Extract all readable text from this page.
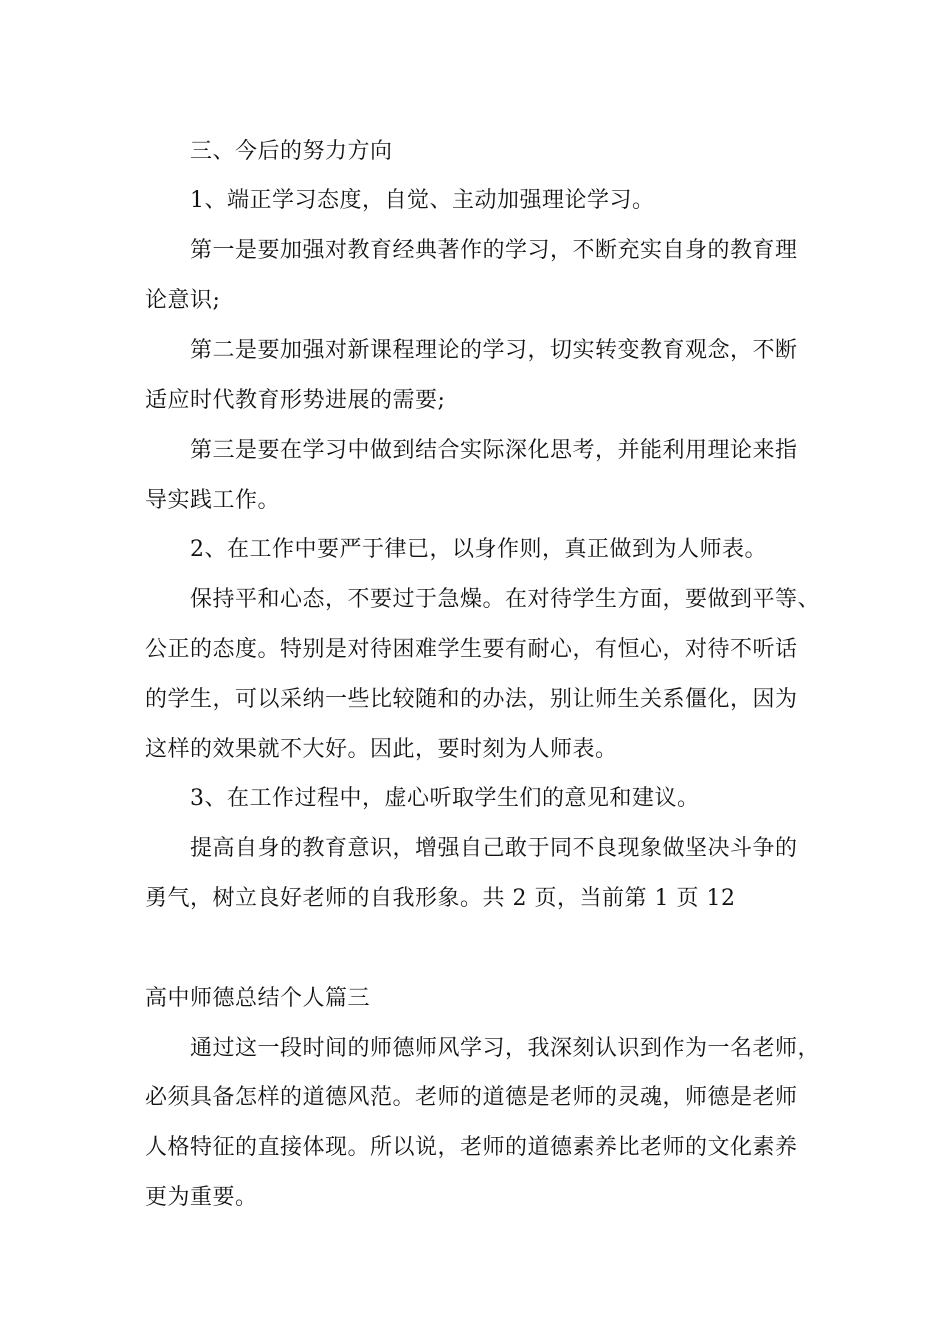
三、今后的努力方向
1、端正学习态度，自觉、主动加强理论学习。
第一是要加强对教育经典著作的学习，不断充实自身的教育理
论意识;
第二是要加强对新课程理论的学习，切实转变教育观念，不断
适应时代教育形势进展的需要;
第三是要在学习中做到结合实际深化思考，并能利用理论来指
导实践工作。
2、在工作中要严于律已，以身作则，真正做到为人师表。
保持平和心态，不要过于急燥。在对待学生方面，要做到平等、
公正的态度。特别是对待困难学生要有耐心，有恒心，对待不听话
的学生，可以采纳一些比较随和的办法，别让师生关系僵化，因为
这样的效果就不大好。因此，要时刻为人师表。
3、在工作过程中，虚心听取学生们的意见和建议。
提高自身的教育意识，增强自己敢于同不良现象做坚决斗争的
勇气，树立良好老师的自我形象。共 2 页，当前第 1 页 12
高中师德总结个人篇三
通过这一段时间的师德师风学习，我深刻认识到作为一名老师，
必须具备怎样的道德风范。老师的道德是老师的灵魂，师德是老师
人格特征的直接体现。所以说，老师的道德素养比老师的文化素养
更为重要。
